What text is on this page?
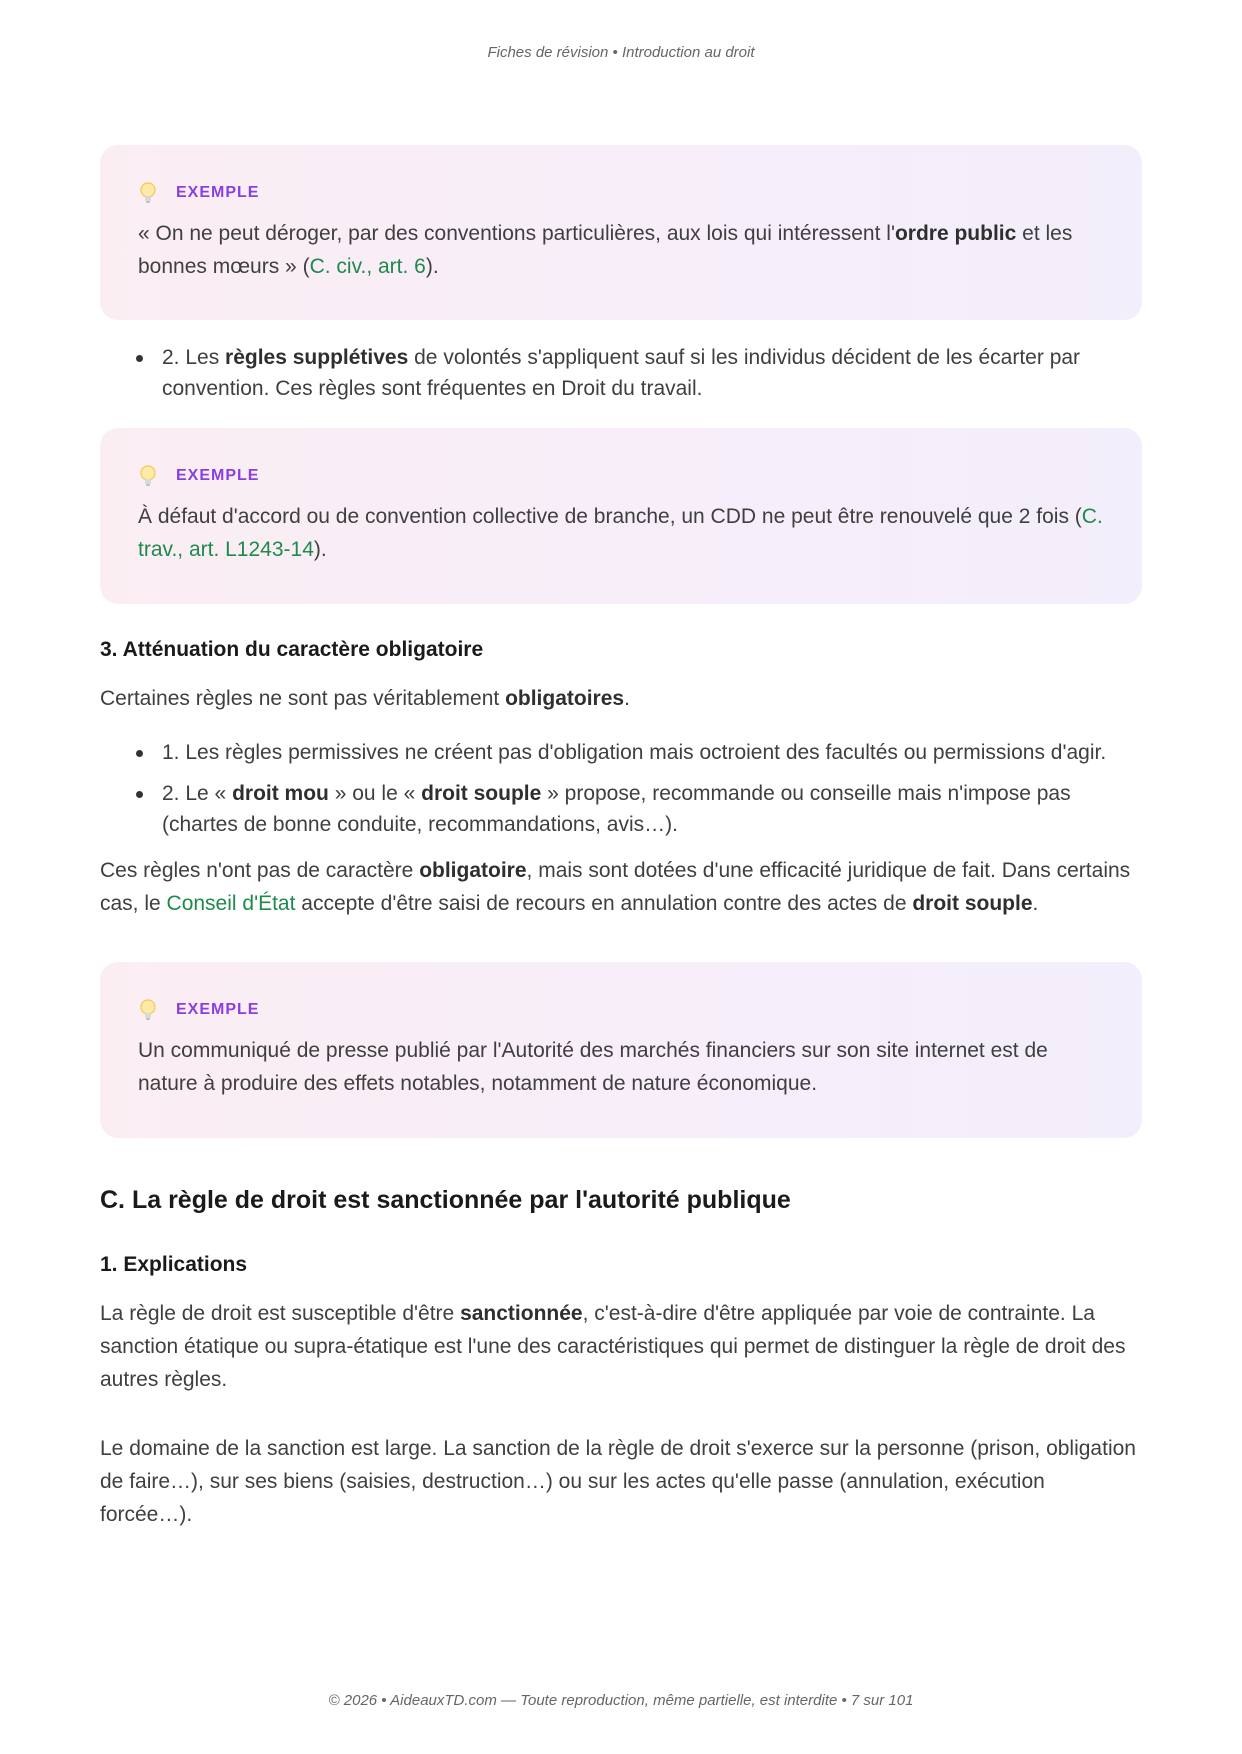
Fiches de révision • Introduction au droit
EXEMPLE
« On ne peut déroger, par des conventions particulières, aux lois qui intéressent l'ordre public et les bonnes mœurs » (C. civ., art. 6).
2. Les règles supplétives de volontés s'appliquent sauf si les individus décident de les écarter par convention. Ces règles sont fréquentes en Droit du travail.
EXEMPLE
À défaut d'accord ou de convention collective de branche, un CDD ne peut être renouvelé que 2 fois (C. trav., art. L1243-14).
3. Atténuation du caractère obligatoire

Certaines règles ne sont pas véritablement obligatoires.

1. Les règles permissives ne créent pas d'obligation mais octroient des facultés ou permissions d'agir.
2. Le « droit mou » ou le « droit souple » propose, recommande ou conseille mais n'impose pas (chartes de bonne conduite, recommandations, avis…).

Ces règles n'ont pas de caractère obligatoire, mais sont dotées d'une efficacité juridique de fait. Dans certains cas, le Conseil d'État accepte d'être saisi de recours en annulation contre des actes de droit souple.

EXEMPLE
Un communiqué de presse publié par l'Autorité des marchés financiers sur son site internet est de nature à produire des effets notables, notamment de nature économique.
C. La règle de droit est sanctionnée par l'autorité publique
1. Explications

La règle de droit est susceptible d'être sanctionnée, c'est-à-dire d'être appliquée par voie de contrainte. La sanction étatique ou supra-étatique est l'une des caractéristiques qui permet de distinguer la règle de droit des autres règles.

Le domaine de la sanction est large. La sanction de la règle de droit s'exerce sur la personne (prison, obligation de faire…), sur ses biens (saisies, destruction…) ou sur les actes qu'elle passe (annulation, exécution forcée…).

© 2026 • AideauxTD.com — Toute reproduction, même partielle, est interdite • 7 sur 101
